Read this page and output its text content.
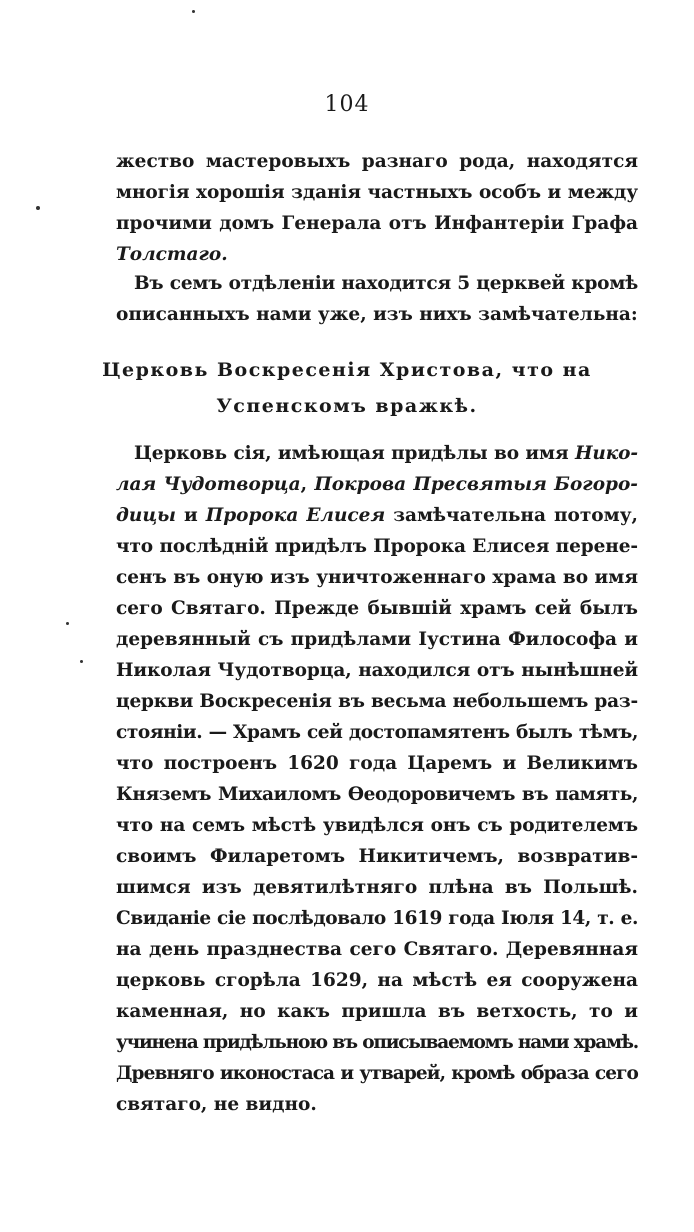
104
жество мастеровыхъ разнаго рода, находятся
многія хорошія зданія частныхъ особъ и между
прочими домъ Генерала отъ Инфантеріи Графа
Толстаго.
Въ семъ отдѣленіи находится 5 церквей кромѣ
описанныхъ нами уже, изъ нихъ замѣчательна:
Церковь Воскресенія Христова, что на
Успенскомъ вражкѣ.
Церковь сія, имѣющая придѣлы во имя Нико-
лая Чудотворца, Покрова Пресвятыя Богоро-
дицы и Пророка Елисея замѣчательна потому,
что послѣдній придѣлъ Пророка Елисея перене-
сенъ въ оную изъ уничтоженнаго храма во имя
сего Святаго. Прежде бывшій храмъ сей былъ
деревянный съ придѣлами Іустина Философа и
Николая Чудотворца, находился отъ нынѣшней
церкви Воскресенія въ весьма небольшемъ раз-
стояніи. — Храмъ сей достопамятенъ былъ тѣмъ,
что построенъ 1620 года Царемъ и Великимъ
Княземъ Михаиломъ Ѳеодоровичемъ въ память,
что на семъ мѣстѣ увидѣлся онъ съ родителемъ
своимъ Филаретомъ Никитичемъ, возвратив-
шимся изъ девятилѣтняго плѣна въ Польшѣ.
Свиданіе сіе послѣдовало 1619 года Іюля 14, т. е.
на день празднества сего Святаго. Деревянная
церковь сгорѣла 1629, на мѣстѣ ея сооружена
каменная, но какъ пришла въ ветхость, то и
учинена придѣльною въ описываемомъ нами храмѣ.
Древняго иконостаса и утварей, кромѣ образа сего
святаго, не видно.
